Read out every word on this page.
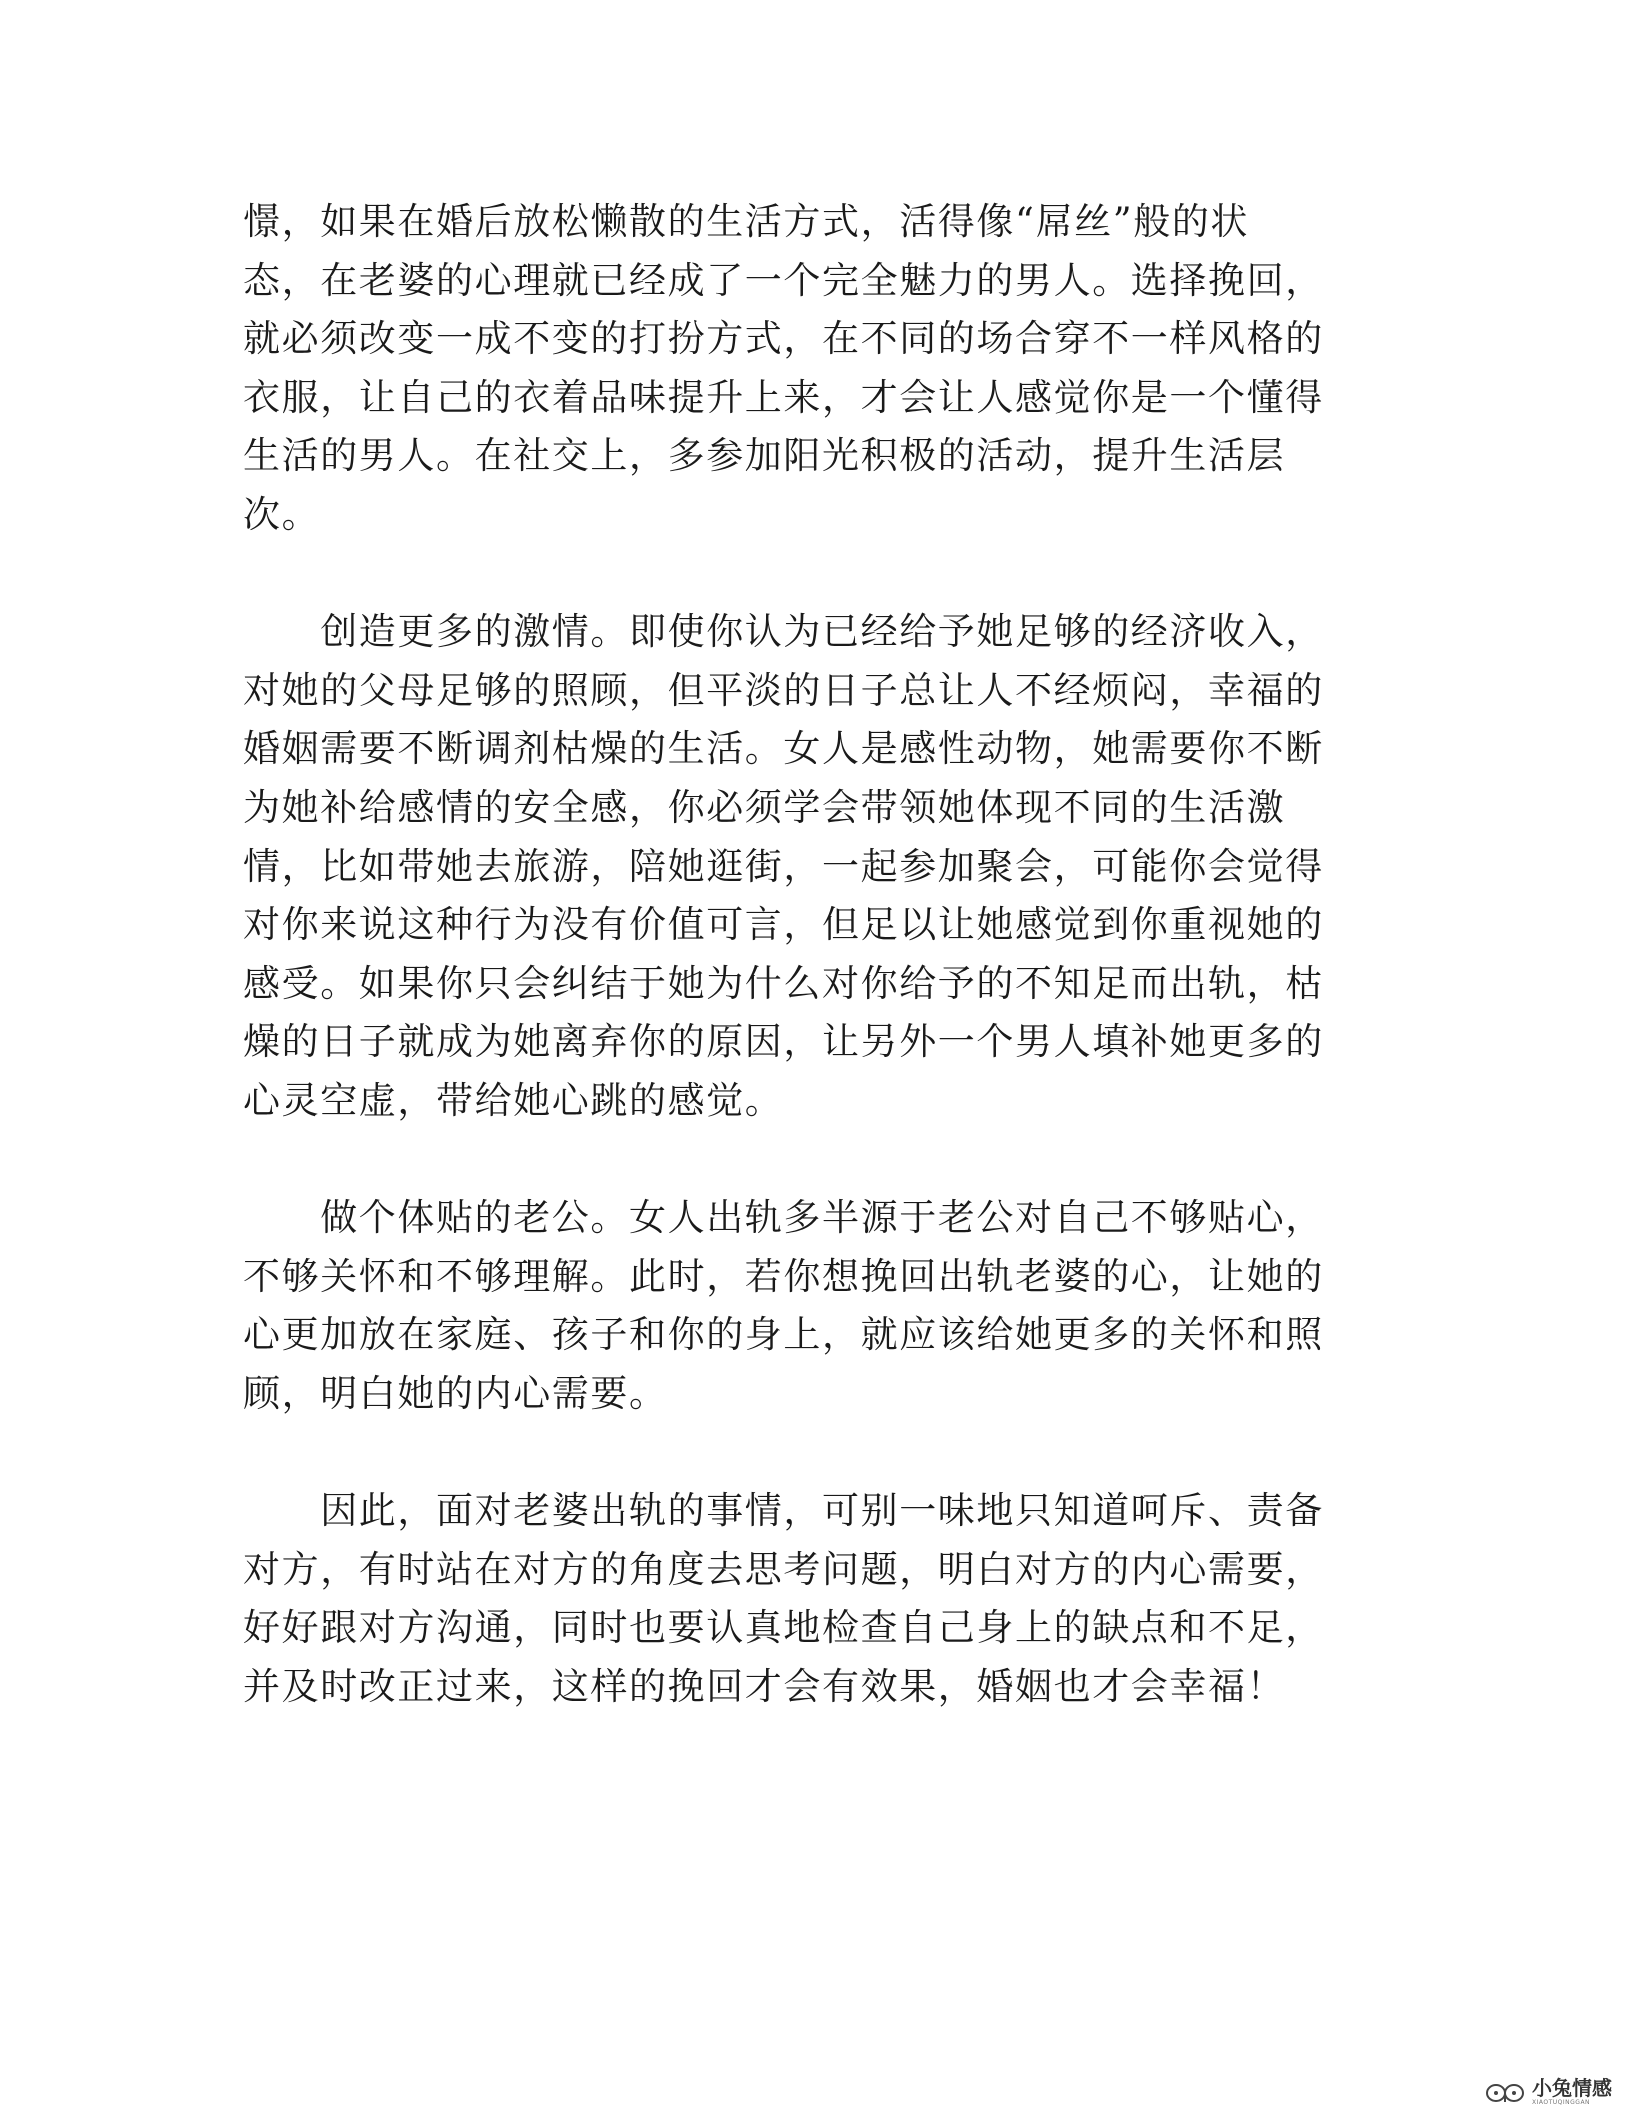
憬，如果在婚后放松懒散的生活方式，活得像“屌丝”般的状
态，在老婆的心理就已经成了一个完全魅力的男人。选择挽回，
就必须改变一成不变的打扮方式，在不同的场合穿不一样风格的
衣服，让自己的衣着品味提升上来，才会让人感觉你是一个懂得
生活的男人。在社交上，多参加阳光积极的活动，提升生活层
次。
　　创造更多的激情。即使你认为已经给予她足够的经济收入，
对她的父母足够的照顾，但平淡的日子总让人不经烦闷，幸福的
婚姻需要不断调剂枯燥的生活。女人是感性动物，她需要你不断
为她补给感情的安全感，你必须学会带领她体现不同的生活激
情，比如带她去旅游，陪她逛街，一起参加聚会，可能你会觉得
对你来说这种行为没有价值可言，但足以让她感觉到你重视她的
感受。如果你只会纠结于她为什么对你给予的不知足而出轨，枯
燥的日子就成为她离弃你的原因，让另外一个男人填补她更多的
心灵空虚，带给她心跳的感觉。
　　做个体贴的老公。女人出轨多半源于老公对自己不够贴心，
不够关怀和不够理解。此时，若你想挽回出轨老婆的心，让她的
心更加放在家庭、孩子和你的身上，就应该给她更多的关怀和照
顾，明白她的内心需要。
　　因此，面对老婆出轨的事情，可别一味地只知道呵斥、责备
对方，有时站在对方的角度去思考问题，明白对方的内心需要，
好好跟对方沟通，同时也要认真地检查自己身上的缺点和不足，
并及时改正过来，这样的挽回才会有效果，婚姻也才会幸福！
小兔情感
XIAOTUQINGGAN
